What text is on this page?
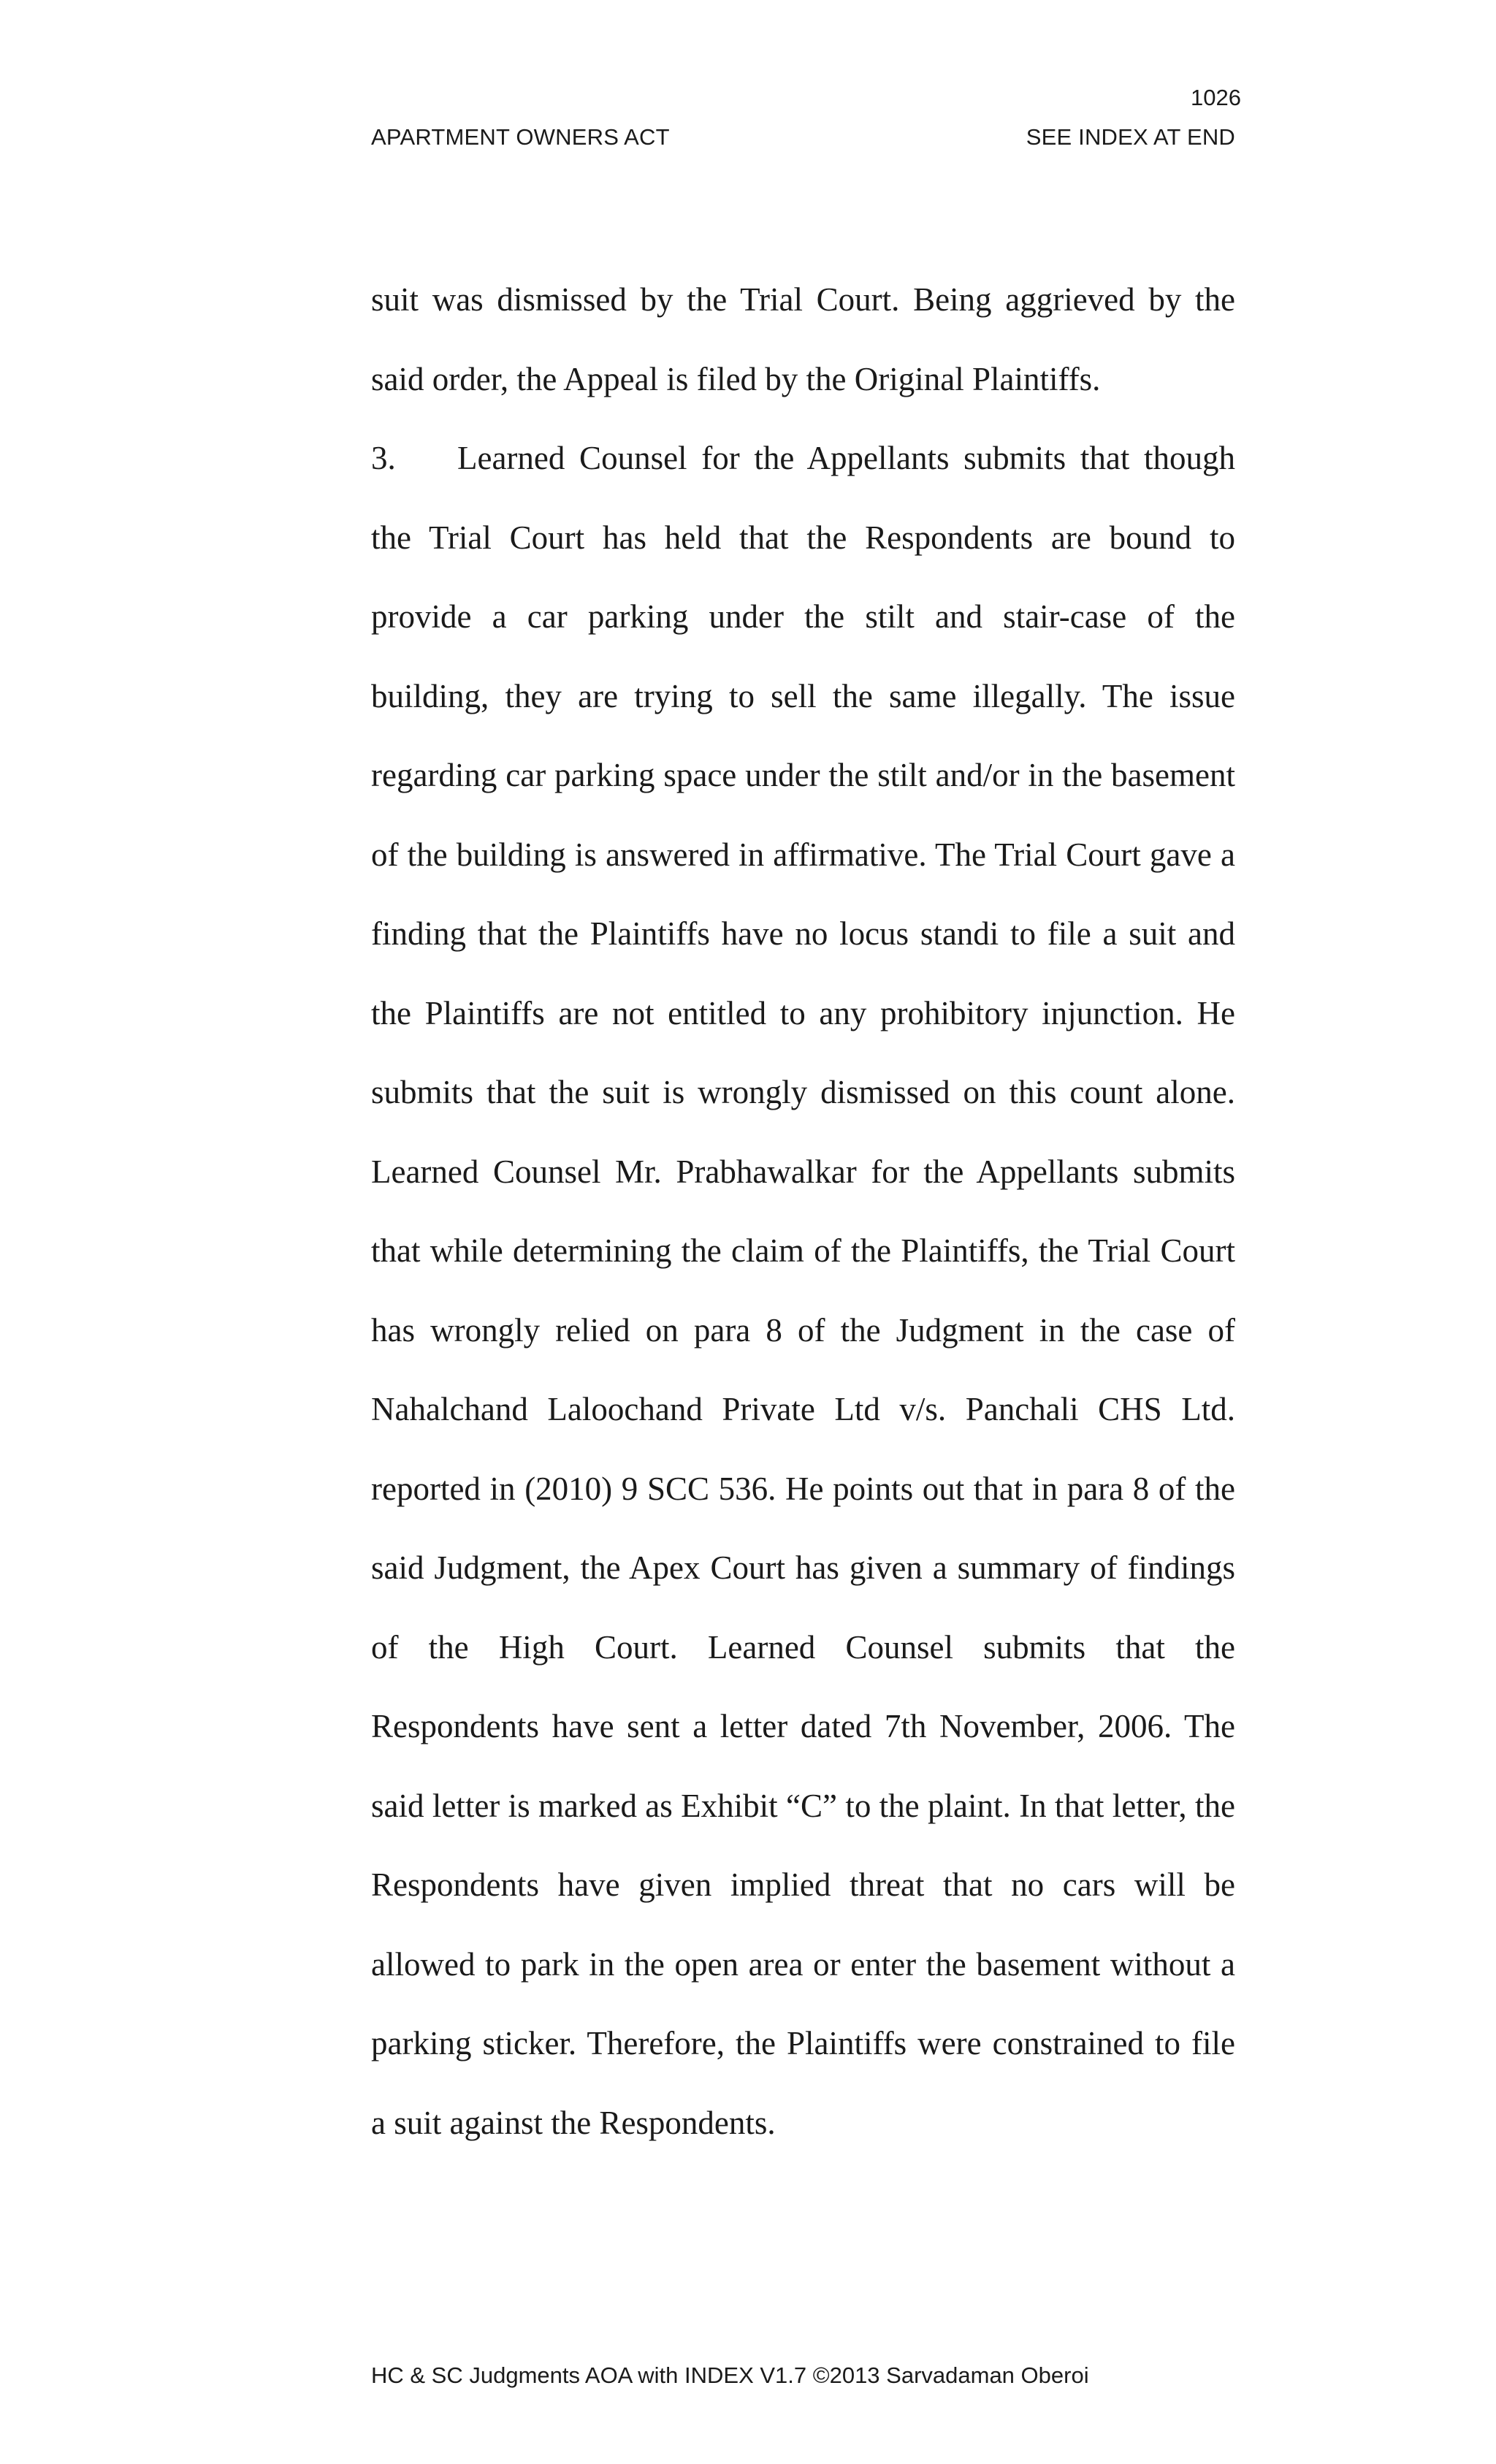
1026
APARTMENT OWNERS ACT	SEE INDEX AT END

suit was dismissed by the Trial Court. Being aggrieved by the said order, the Appeal is filed by the Original Plaintiffs.

3. Learned Counsel for the Appellants submits that though the Trial Court has held that the Respondents are bound to provide a car parking under the stilt and stair-case of the building, they are trying to sell the same illegally. The issue regarding car parking space under the stilt and/or in the basement of the building is answered in affirmative. The Trial Court gave a finding that the Plaintiffs have no locus standi to file a suit and the Plaintiffs are not entitled to any prohibitory injunction. He submits that the suit is wrongly dismissed on this count alone. Learned Counsel Mr. Prabhawalkar for the Appellants submits that while determining the claim of the Plaintiffs, the Trial Court has wrongly relied on para 8 of the Judgment in the case of Nahalchand Laloochand Private Ltd v/s. Panchali CHS Ltd. reported in (2010) 9 SCC 536. He points out that in para 8 of the said Judgment, the Apex Court has given a summary of findings of the High Court. Learned Counsel submits that the Respondents have sent a letter dated 7th November, 2006. The said letter is marked as Exhibit “C” to the plaint. In that letter, the Respondents have given implied threat that no cars will be allowed to park in the open area or enter the basement without a parking sticker. Therefore, the Plaintiffs were constrained to file a suit against the Respondents.

HC & SC Judgments AOA with INDEX V1.7 ©2013 Sarvadaman Oberoi
